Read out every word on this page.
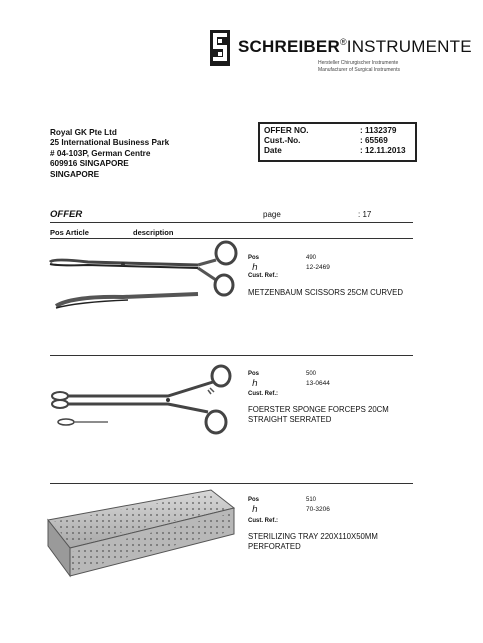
SCHREIBER®INSTRUMENTE
Hersteller Chirurgischer Instrumente
Manufacturer of Surgical Instruments
Royal GK Pte Ltd
25 International Business Park
# 04-103P, German Centre
609916 SINGAPORE
SINGAPORE
OFFER NO.	: 1132379
Cust.-No.	: 65569
Date	: 12.11.2013
OFFER	page	: 17
Pos Article	description
Pos	490
ℎ	12-2469
Cust. Ref.:
METZENBAUM SCISSORS 25CM CURVED
Pos	500
ℎ	13-0644
Cust. Ref.:
FOERSTER SPONGE FORCEPS 20CM STRAIGHT SERRATED
Pos	510
ℎ	70-3206
Cust. Ref.:
STERILIZING TRAY 220X110X50MM PERFORATED
